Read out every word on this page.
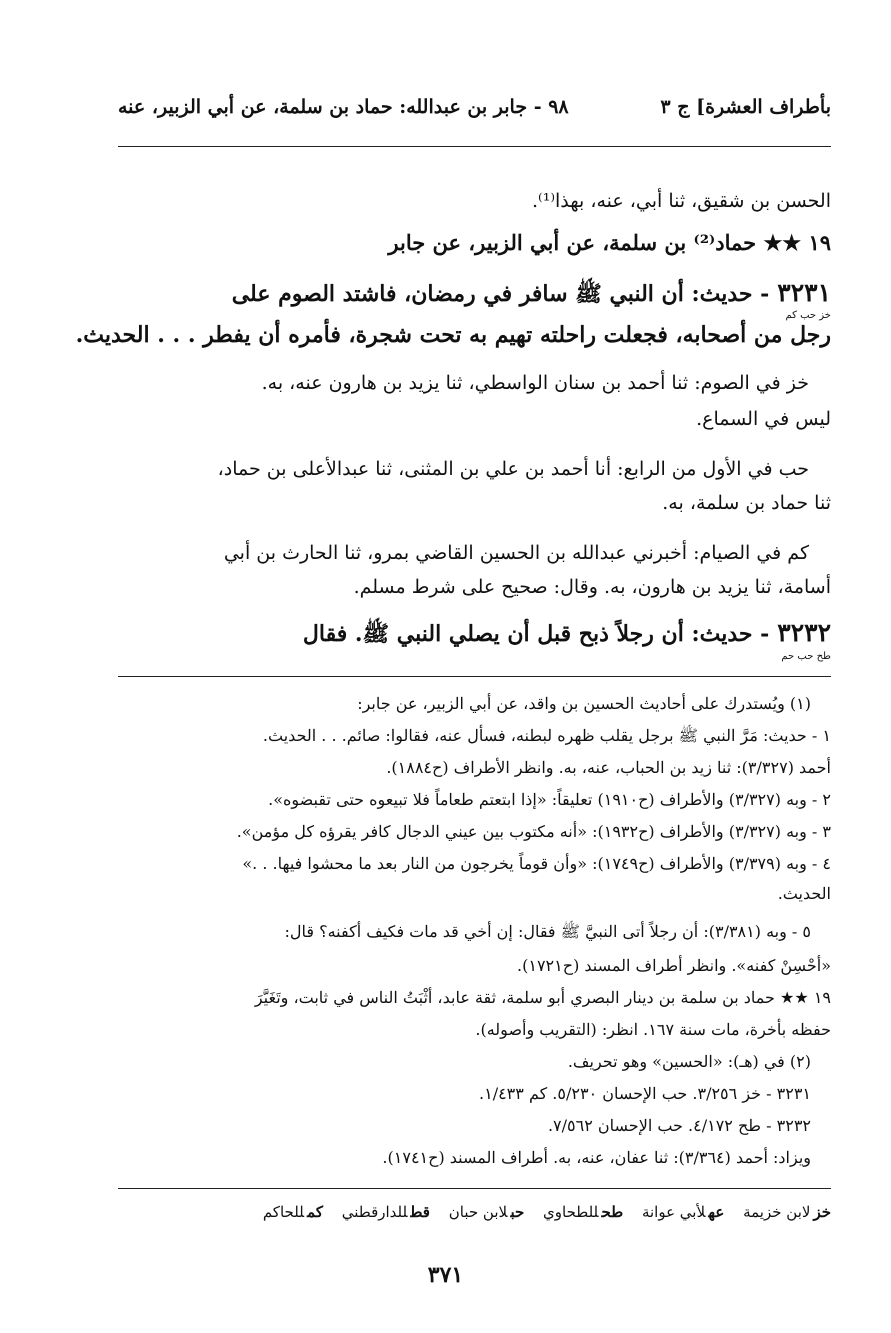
بأطراف العشرة] ج ٣
٩٨ - جابر بن عبدالله: حماد بن سلمة، عن أبي الزبير، عنه
الحسن بن شقيق، ثنا أبي، عنه، بهذا⁽¹⁾.
١٩ ★★ حماد⁽²⁾ بن سلمة، عن أبي الزبير، عن جابر
٣٢٣١- حديث: أن النبي ﷺ سافر في رمضان، فاشتد الصوم على
خز حب كم
رجل من أصحابه، فجعلت راحلته تهيم به تحت شجرة، فأمره أن يفطر . . . الحديث.
خز في الصوم: ثنا أحمد بن سنان الواسطي، ثنا يزيد بن هارون عنه، به.
ليس في السماع.
حب في الأول من الرابع: أنا أحمد بن علي بن المثنى، ثنا عبدالأعلى بن حماد،
ثنا حماد بن سلمة، به.
كم في الصيام: أخبرني عبدالله بن الحسين القاضي بمرو، ثنا الحارث بن أبي
أسامة، ثنا يزيد بن هارون، به. وقال: صحيح على شرط مسلم.
٣٢٣٢- حديث: أن رجلاً ذبح قبل أن يصلي النبي ﷺ. فقال
طح حب حم
(١) ويُستدرك على أحاديث الحسين بن واقد، عن أبي الزبير، عن جابر:
١ - حديث: مَرَّ النبي ﷺ برجل يقلب ظهره لبطنه، فسأل عنه، فقالوا: صائم. . . الحديث.
أحمد (٣/٣٢٧): ثنا زيد بن الحباب، عنه، به. وانظر الأطراف (ح١٨٨٤).
٢ - وبه (٣/٣٢٧) والأطراف (ح١٩١٠) تعليقاً: «إذا ابتعتم طعاماً فلا تبيعوه حتى تقبضوه».
٣ - وبه (٣/٣٢٧) والأطراف (ح١٩٣٢): «أنه مكتوب بين عيني الدجال كافر يقرؤه كل مؤمن».
٤ - وبه (٣/٣٧٩) والأطراف (ح١٧٤٩): «وأن قوماً يخرجون من النار بعد ما محشوا فيها. . .»
الحديث.
٥ - وبه (٣/٣٨١): أن رجلاً أتى النبيَّ ﷺ فقال: إن أخي قد مات فكيف أكفنه؟ قال:
«أحْسِنْ كفنه». وانظر أطراف المسند (ح١٧٢١).
١٩ ★★ حماد بن سلمة بن دينار البصري أبو سلمة، ثقة عابد، أثْبَتُ الناس في ثابت، وتَغَيَّرَ
حفظه بأخرة، مات سنة ١٦٧. انظر: (التقريب وأصوله).
(٢) في (هـ): «الحسين» وهو تحريف.
٣٢٣١ - خز ٣/٢٥٦. حب الإحسان ٥/٢٣٠. كم ١/٤٣٣.
٣٢٣٢ - طح ٤/١٧٢. حب الإحسان ٧/٥٦٢.
ويزاد: أحمد (٣/٣٦٤): ثنا عفان، عنه، به. أطراف المسند (ح١٧٤١).
خزلابن خزيمة عهلأبي عوانة طحللطحاوي حبلابن حبان قطللدارقطني كمللحاكم
٣٧١
